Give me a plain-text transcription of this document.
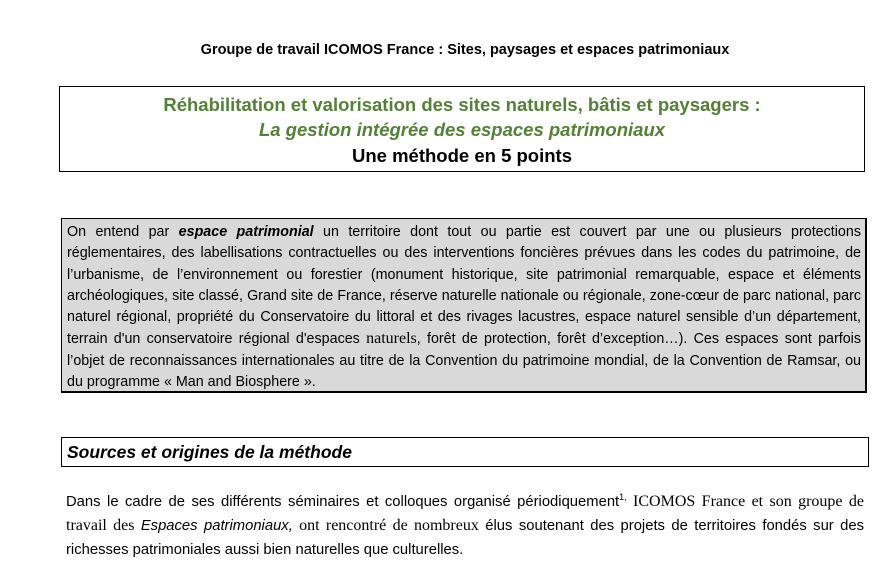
Groupe de travail ICOMOS France : Sites, paysages et espaces patrimoniaux
Réhabilitation et valorisation des sites naturels, bâtis et paysagers :
La gestion intégrée des espaces patrimoniaux
Une méthode en 5 points
On entend par espace patrimonial un territoire dont tout ou partie est couvert par une ou plusieurs protections réglementaires, des labellisations contractuelles ou des interventions foncières prévues dans les codes du patrimoine, de l’urbanisme, de l’environnement ou forestier (monument historique, site patrimonial remarquable, espace et éléments archéologiques, site classé, Grand site de France, réserve naturelle nationale ou régionale, zone-cœur de parc national, parc naturel régional, propriété du Conservatoire du littoral et des rivages lacustres, espace naturel sensible d’un département, terrain d'un conservatoire régional d'espaces naturels, forêt de protection, forêt d’exception…). Ces espaces sont parfois l’objet de reconnaissances internationales au titre de la Convention du patrimoine mondial, de la Convention de Ramsar, ou du programme « Man and Biosphere ».
Sources et origines de la méthode
Dans le cadre de ses différents séminaires et colloques organisé périodiquement$^{1,}$ ICOMOS France et son groupe de travail des Espaces patrimoniaux, ont rencontré de nombreux élus soutenant des projets de territoires fondés sur des richesses patrimoniales aussi bien naturelles que culturelles.
